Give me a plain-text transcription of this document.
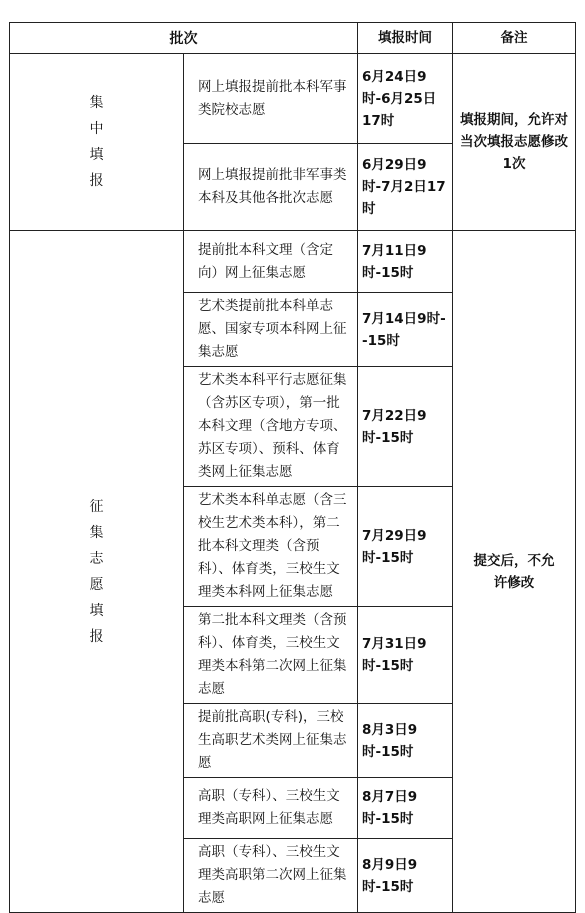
批次		填报时间	备注
集中填报	网上填报提前批本科军事类院校志愿	6月24日9时-6月25日17时	填报期间，允许对当次填报志愿修改1次

	网上填报提前批非军事类本科及其他各批次志愿	6月29日9时-7月2日17时	
征集志愿填报	提前批本科文理（含定向）网上征集志愿	7月11日9时-15时	提交后，不允许修改

	艺术类提前批本科单志愿、国家专项本科网上征集志愿	7月14日9时--15时	
	艺术类本科平行志愿征集（含苏区专项），第一批本科文理（含地方专项、苏区专项）、预科、体育类网上征集志愿	7月22日9时-15时	
	艺术类本科单志愿（含三校生艺术类本科），第二批本科文理类（含预科）、体育类，三校生文理类本科网上征集志愿	7月29日9时-15时	
	第二批本科文理类（含预科）、体育类，三校生文理类本科第二次网上征集志愿	7月31日9时-15时	
	提前批高职(专科)，三校生高职艺术类网上征集志愿	8月3日9时-15时	
	高职（专科）、三校生文理类高职网上征集志愿	8月7日9时-15时	
	高职（专科）、三校生文理类高职第二次网上征集志愿	8月9日9时-15时	
